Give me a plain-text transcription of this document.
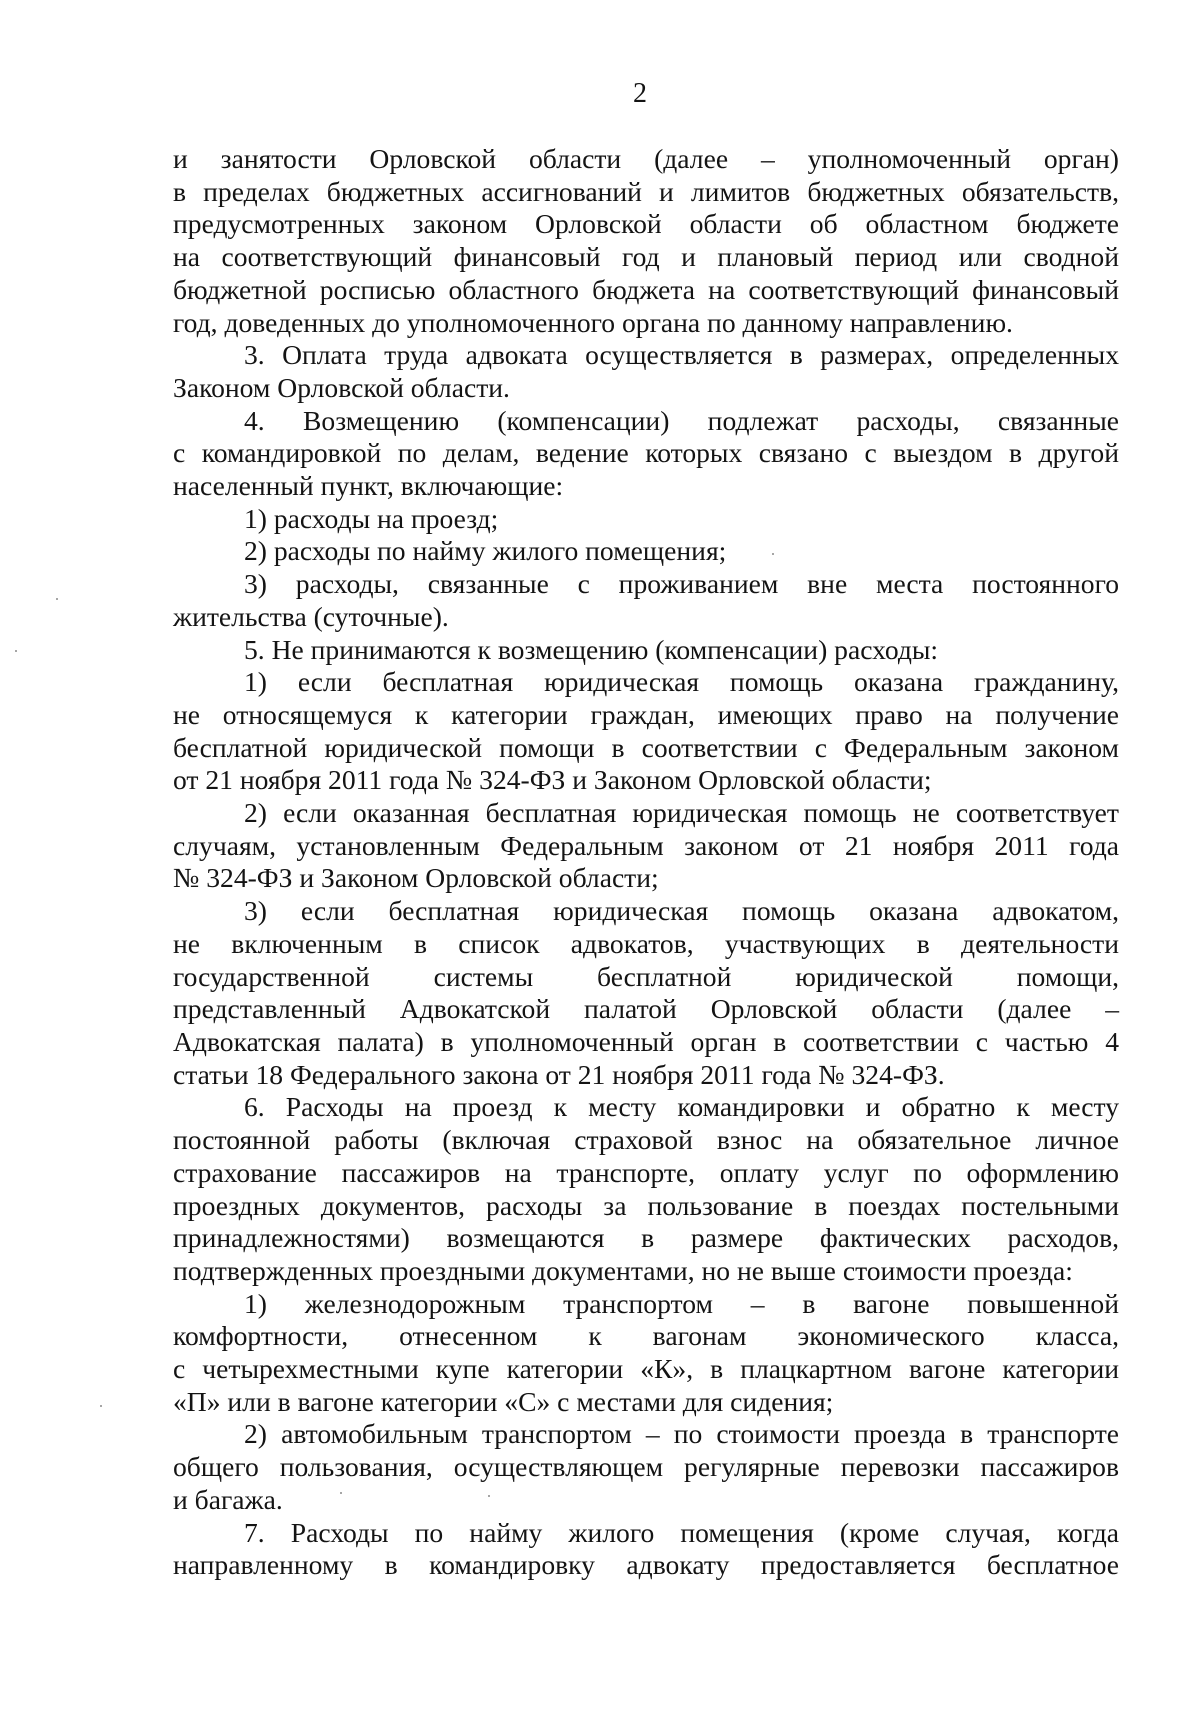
2
и занятости Орловской области (далее – уполномоченный орган)
в пределах бюджетных ассигнований и лимитов бюджетных обязательств,
предусмотренных законом Орловской области об областном бюджете
на соответствующий финансовый год и плановый период или сводной
бюджетной росписью областного бюджета на соответствующий финансовый
год, доведенных до уполномоченного органа по данному направлению.
3. Оплата труда адвоката осуществляется в размерах, определенных
Законом Орловской области.
4. Возмещению (компенсации) подлежат расходы, связанные
с командировкой по делам, ведение которых связано с выездом в другой
населенный пункт, включающие:
1) расходы на проезд;
2) расходы по найму жилого помещения;
3) расходы, связанные с проживанием вне места постоянного
жительства (суточные).
5. Не принимаются к возмещению (компенсации) расходы:
1) если бесплатная юридическая помощь оказана гражданину,
не относящемуся к категории граждан, имеющих право на получение
бесплатной юридической помощи в соответствии с Федеральным законом
от 21 ноября 2011 года № 324-ФЗ и Законом Орловской области;
2) если оказанная бесплатная юридическая помощь не соответствует
случаям, установленным Федеральным законом от 21 ноября 2011 года
№ 324-ФЗ и Законом Орловской области;
3) если бесплатная юридическая помощь оказана адвокатом,
не включенным в список адвокатов, участвующих в деятельности
государственной системы бесплатной юридической помощи,
представленный Адвокатской палатой Орловской области (далее –
Адвокатская палата) в уполномоченный орган в соответствии с частью 4
статьи 18 Федерального закона от 21 ноября 2011 года № 324-ФЗ.
6. Расходы на проезд к месту командировки и обратно к месту
постоянной работы (включая страховой взнос на обязательное личное
страхование пассажиров на транспорте, оплату услуг по оформлению
проездных документов, расходы за пользование в поездах постельными
принадлежностями) возмещаются в размере фактических расходов,
подтвержденных проездными документами, но не выше стоимости проезда:
1) железнодорожным транспортом – в вагоне повышенной
комфортности, отнесенном к вагонам экономического класса,
с четырехместными купе категории «К», в плацкартном вагоне категории
«П» или в вагоне категории «С» с местами для сидения;
2) автомобильным транспортом – по стоимости проезда в транспорте
общего пользования, осуществляющем регулярные перевозки пассажиров
и багажа.
7. Расходы по найму жилого помещения (кроме случая, когда
направленному в командировку адвокату предоставляется бесплатное
